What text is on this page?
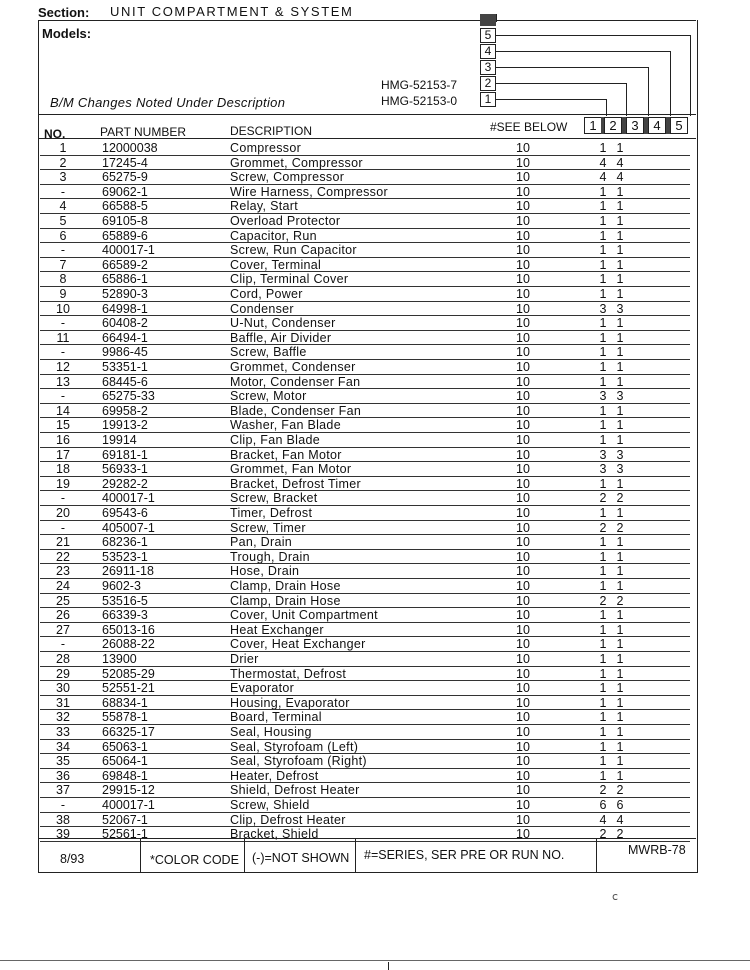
Section: UNIT COMPARTMENT & SYSTEM
Models:	5
4
3
2
1
HMG-52153-7
HMG-52153-0
B/M Changes Noted Under Description
NO.	PART NUMBER	DESCRIPTION	#SEE BELOW	1 2	3	4	5
1	12000038	Compressor	10	1 1
2	17245-4	Grommet, Compressor	10	4 4
3	65275-9	Screw, Compressor	10	4 4
-	69062-1	Wire Harness, Compressor	10	1 1
4	66588-5	Relay, Start	10	1 1
5	69105-8	Overload Protector	10	1 1
6	65889-6	Capacitor, Run	10	1 1
-	400017-1	Screw, Run Capacitor	10	1 1
7	66589-2	Cover, Terminal	10	1 1
8	65886-1	Clip, Terminal Cover	10	1 1
9	52890-3	Cord, Power	10	1 1
10	64998-1	Condenser	10	3 3
-	60408-2	U-Nut, Condenser	10	1 1
11	66494-1	Baffle, Air Divider	10	1 1
-	9986-45	Screw, Baffle	10	1 1
12	53351-1	Grommet, Condenser	10	1 1
13	68445-6	Motor, Condenser Fan	10	1 1
-	65275-33	Screw, Motor	10	3 3
14	69958-2	Blade, Condenser Fan	10	1 1
15	19913-2	Washer, Fan Blade	10	1 1
16	19914	Clip, Fan Blade	10	1 1
17	69181-1	Bracket, Fan Motor	10	3 3
18	56933-1	Grommet, Fan Motor	10	3 3
19	29282-2	Bracket, Defrost Timer	10	1 1
-	400017-1	Screw, Bracket	10	2 2
20	69543-6	Timer, Defrost	10	1 1
-	405007-1	Screw, Timer	10	2 2
21	68236-1	Pan, Drain	10	1 1
22	53523-1	Trough, Drain	10	1 1
23	26911-18	Hose, Drain	10	1 1
24	9602-3	Clamp, Drain Hose	10	1 1
25	53516-5	Clamp, Drain Hose	10	2 2
26	66339-3	Cover, Unit Compartment	10	1 1
27	65013-16	Heat Exchanger	10	1 1
-	26088-22	Cover, Heat Exchanger	10	1 1
28	13900	Drier	10	1 1
29	52085-29	Thermostat, Defrost	10	1 1
30	52551-21	Evaporator	10	1 1
31	68834-1	Housing, Evaporator	10	1 1
32	55878-1	Board, Terminal	10	1 1
33	66325-17	Seal, Housing	10	1 1
34	65063-1	Seal, Styrofoam (Left)	10	1 1
35	65064-1	Seal, Styrofoam (Right)	10	1 1
36	69848-1	Heater, Defrost	10	1 1
37	29915-12	Shield, Defrost Heater	10	2 2
-	400017-1	Screw, Shield	10	6 6
38	52067-1	Clip, Defrost Heater	10	4 4
39	52561-1	Bracket, Shield	10	2 2
8/93	*COLOR CODE (-)=NOT SHOWN #=SERIES, SER PRE OR RUN NO.	MWRB-78
ⅽ
